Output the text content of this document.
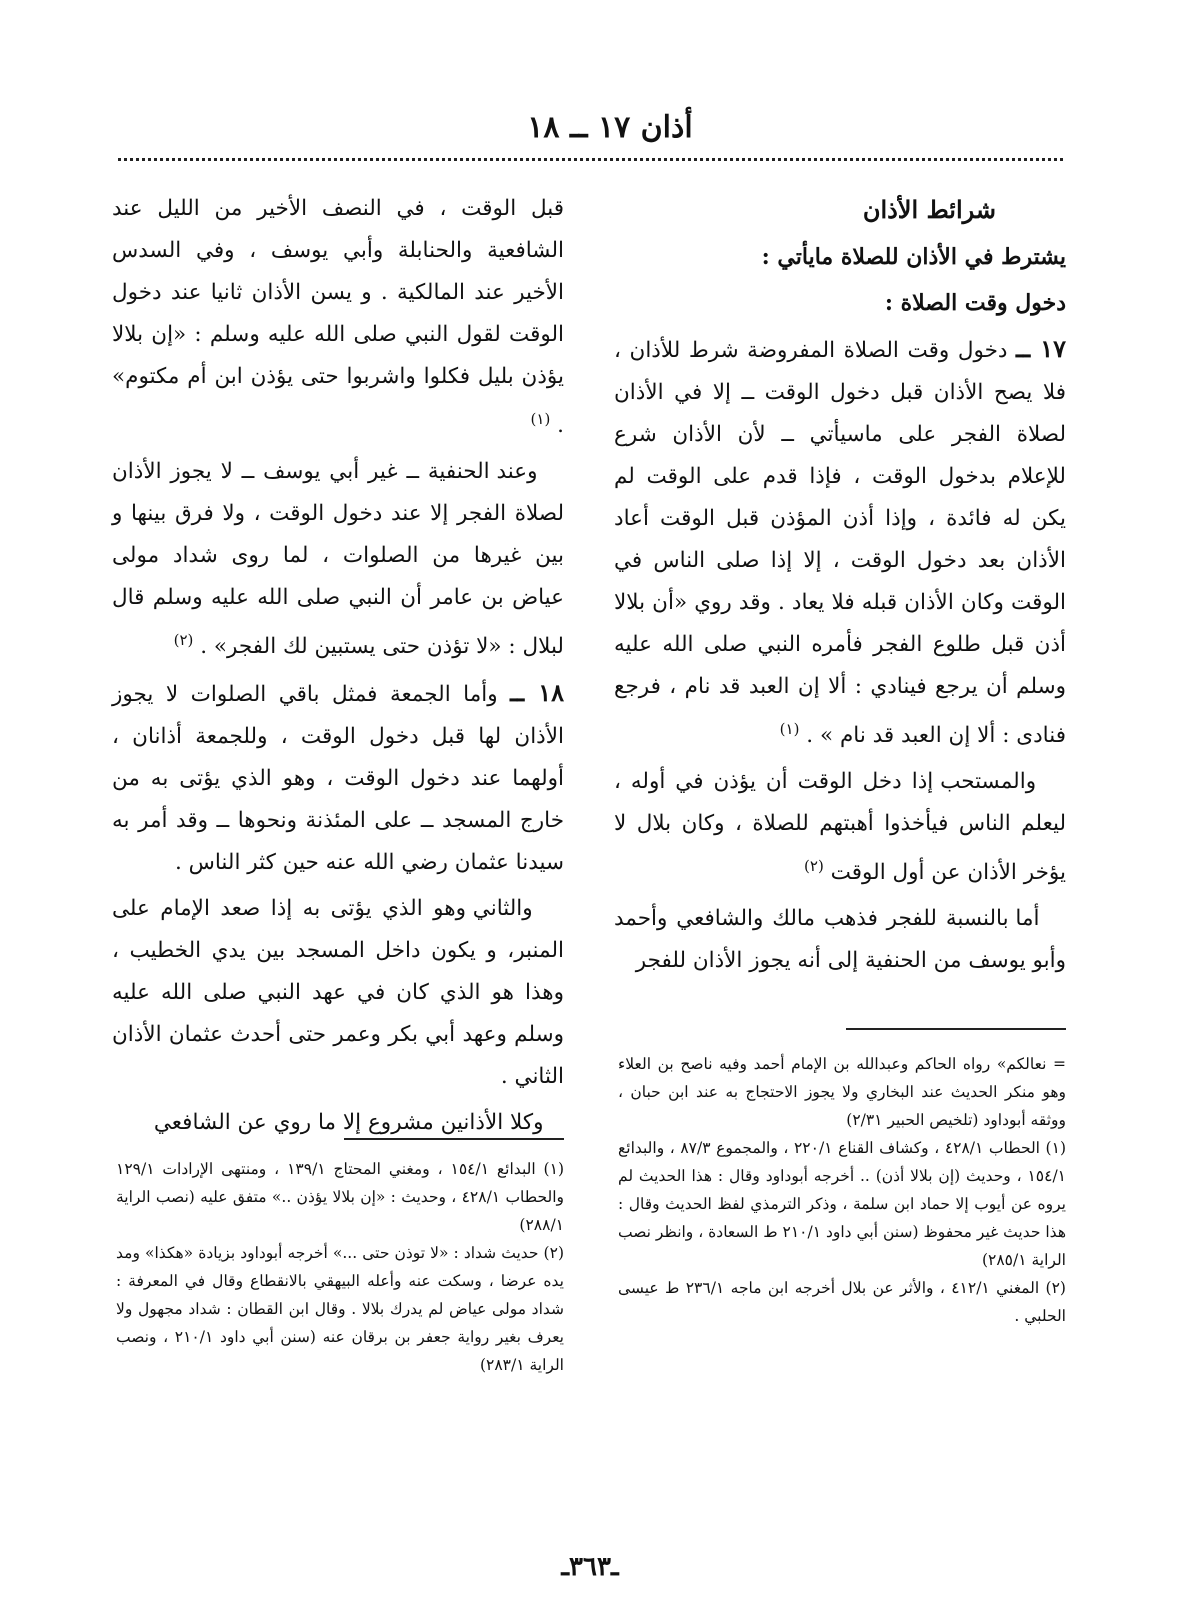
أذان ١٧ ــ ١٨

شرائط الأذان

يشترط في الأذان للصلاة مايأتي :

دخول وقت الصلاة :

١٧ ــ دخول وقت الصلاة المفروضة شرط للأذان ، فلا يصح الأذان قبل دخول الوقت ــ إلا في الأذان لصلاة الفجر على ماسيأتي ــ لأن الأذان شرع للإعلام بدخول الوقت ، فإذا قدم على الوقت لم يكن له فائدة ، وإذا أذن المؤذن قبل الوقت أعاد الأذان بعد دخول الوقت ، إلا إذا صلى الناس في الوقت وكان الأذان قبله فلا يعاد . وقد روي «أن بلالا أذن قبل طلوع الفجر فأمره النبي صلى الله عليه وسلم أن يرجع فينادي : ألا إن العبد قد نام ، فرجع فنادى : ألا إن العبد قد نام » . $^{(١)}$

والمستحب إذا دخل الوقت أن يؤذن في أوله ، ليعلم الناس فيأخذوا أهبتهم للصلاة ، وكان بلال لا يؤخر الأذان عن أول الوقت $^{(٢)}$

أما بالنسبة للفجر فذهب مالك والشافعي وأحمد وأبو يوسف من الحنفية إلى أنه يجوز الأذان للفجر

قبل الوقت ، في النصف الأخير من الليل عند الشافعية والحنابلة وأبي يوسف ، وفي السدس الأخير عند المالكية . و يسن الأذان ثانيا عند دخول الوقت لقول النبي صلى الله عليه وسلم : «إن بلالا يؤذن بليل فكلوا واشربوا حتى يؤذن ابن أم مكتوم» . $^{(١)}$

وعند الحنفية ــ غير أبي يوسف ــ لا يجوز الأذان لصلاة الفجر إلا عند دخول الوقت ، ولا فرق بينها و بين غيرها من الصلوات ، لما روى شداد مولى عياض بن عامر أن النبي صلى الله عليه وسلم قال لبلال : «لا تؤذن حتى يستبين لك الفجر» . $^{(٢)}$

١٨ ــ وأما الجمعة فمثل باقي الصلوات لا يجوز الأذان لها قبل دخول الوقت ، وللجمعة أذانان ، أولهما عند دخول الوقت ، وهو الذي يؤتى به من خارج المسجد ــ على المئذنة ونحوها ــ وقد أمر به سيدنا عثمان رضي الله عنه حين كثر الناس .

والثاني وهو الذي يؤتى به إذا صعد الإمام على المنبر، و يكون داخل المسجد بين يدي الخطيب ، وهذا هو الذي كان في عهد النبي صلى الله عليه وسلم وعهد أبي بكر وعمر حتى أحدث عثمان الأذان الثاني .

وكلا الأذانين مشروع إلا ما روي عن الشافعي

= نعالكم» رواه الحاكم وعبدالله بن الإمام أحمد وفيه ناصح بن العلاء وهو منكر الحديث عند البخاري ولا يجوز الاحتجاج به عند ابن حبان ، ووثقه أبوداود (تلخيص الحبير ٢/٣١)

(١) الحطاب ٤٢٨/١ ، وكشاف القناع ٢٢٠/١ ، والمجموع ٨٧/٣ ، والبدائع ١٥٤/١ ، وحديث (إن بلالا أذن) .. أخرجه أبوداود وقال : هذا الحديث لم يروه عن أيوب إلا حماد ابن سلمة ، وذكر الترمذي لفظ الحديث وقال : هذا حديث غير محفوظ (سنن أبي داود ٢١٠/١ ط السعادة ، وانظر نصب الراية ٢٨٥/١)

(٢) المغني ٤١٢/١ ، والأثر عن بلال أخرجه ابن ماجه ٢٣٦/١ ط عيسى الحلبي .

(١) البدائع ١٥٤/١ ، ومغني المحتاج ١٣٩/١ ، ومنتهى الإرادات ١٢٩/١ والحطاب ٤٢٨/١ ، وحديث : «إن بلالا يؤذن ..» متفق عليه (نصب الراية ٢٨٨/١)

(٢) حديث شداد : «لا توذن حتى ...» أخرجه أبوداود بزيادة «هكذا» ومد يده عرضا ، وسكت عنه وأعله البيهقي بالانقطاع وقال في المعرفة : شداد مولى عياض لم يدرك بلالا . وقال ابن القطان : شداد مجهول ولا يعرف بغير رواية جعفر بن برقان عنه (سنن أبي داود ٢١٠/١ ، ونصب الراية ٢٨٣/١)

ـ٣٦٣ـ
